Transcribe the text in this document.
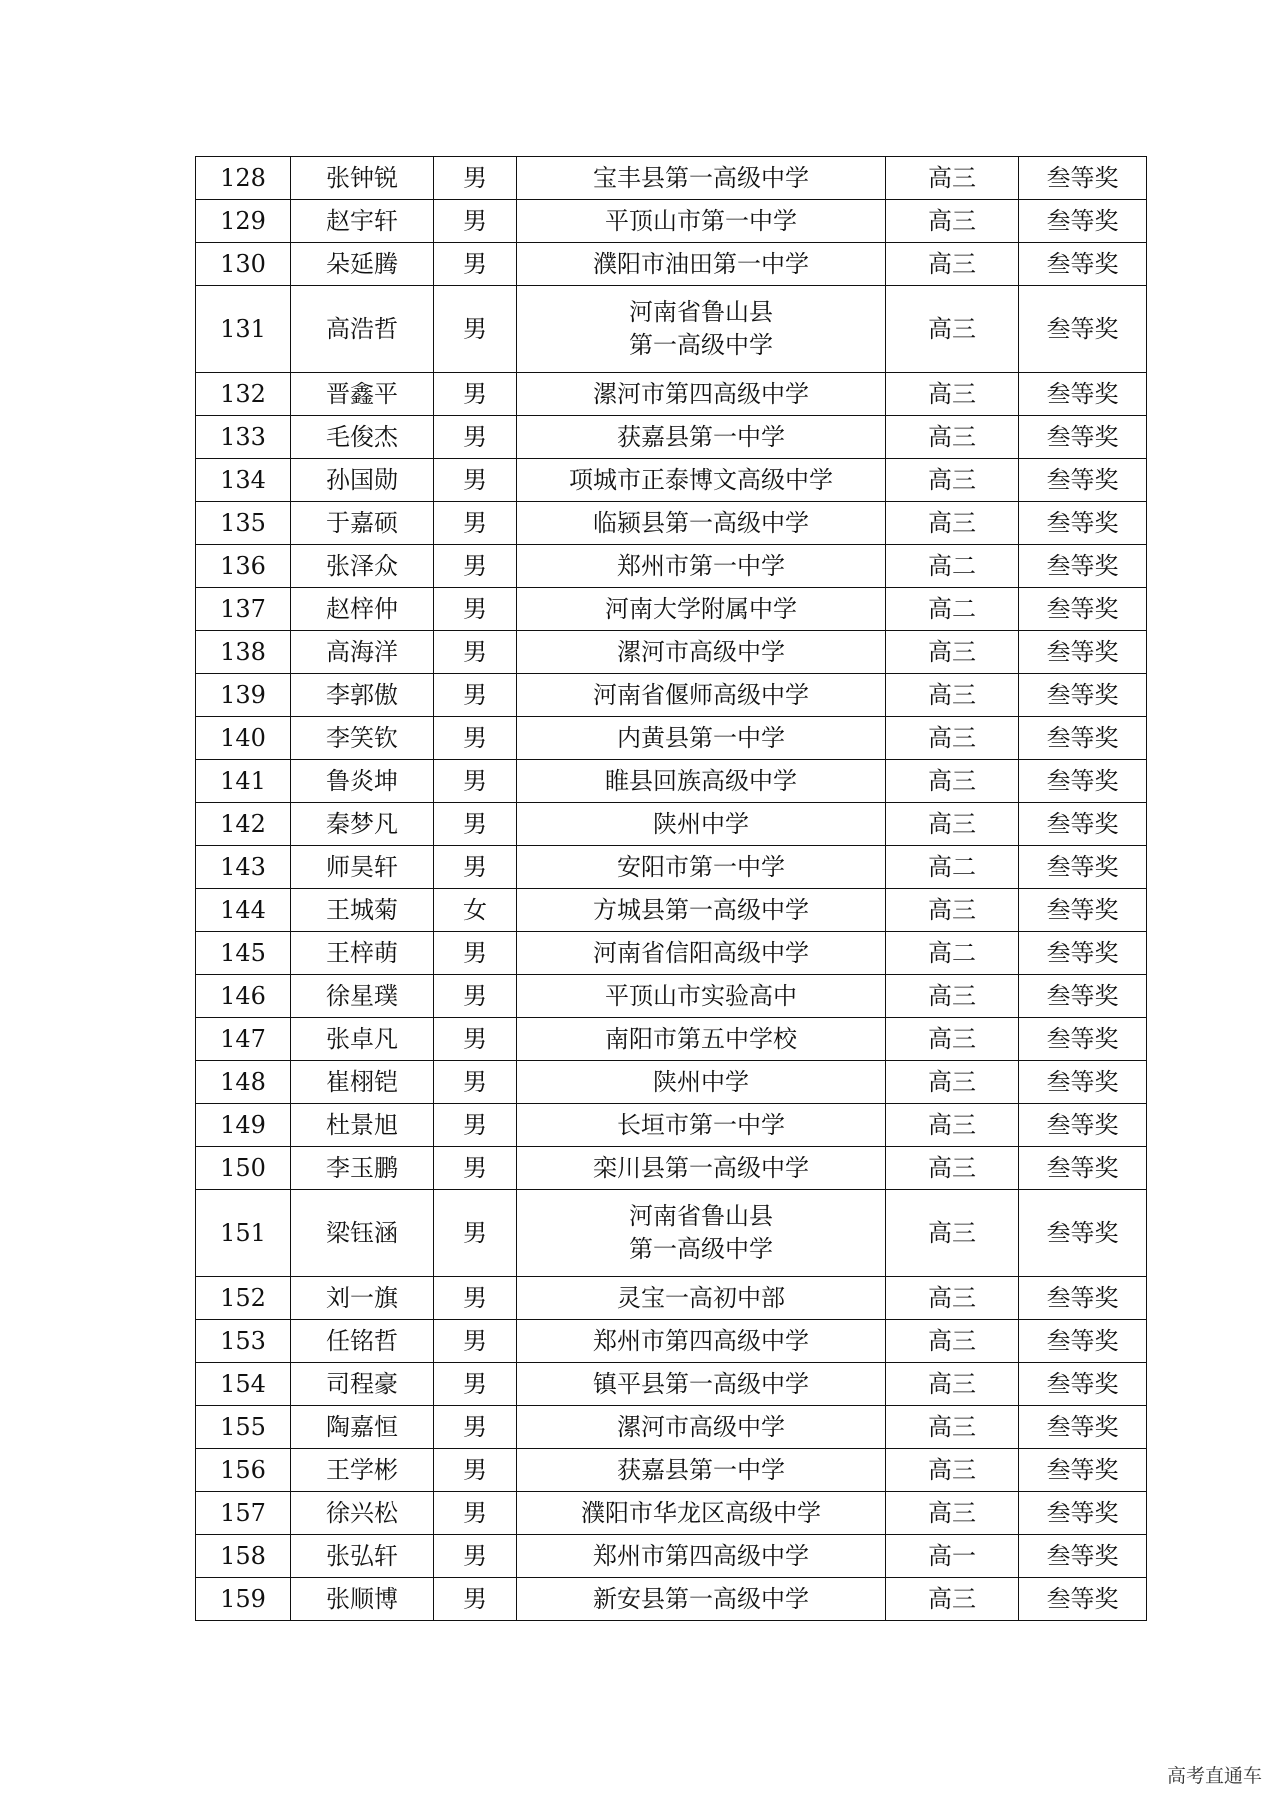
128	张钟锐	男	宝丰县第一高级中学	高三	叁等奖
129	赵宇轩	男	平顶山市第一中学	高三	叁等奖
130	朵延腾	男	濮阳市油田第一中学	高三	叁等奖
131	高浩哲	男	河南省鲁山县
第一高级中学	高三	叁等奖
132	晋鑫平	男	漯河市第四高级中学	高三	叁等奖
133	毛俊杰	男	获嘉县第一中学	高三	叁等奖
134	孙国勋	男	项城市正泰博文高级中学	高三	叁等奖
135	于嘉硕	男	临颍县第一高级中学	高三	叁等奖
136	张泽众	男	郑州市第一中学	高二	叁等奖
137	赵梓仲	男	河南大学附属中学	高二	叁等奖
138	高海洋	男	漯河市高级中学	高三	叁等奖
139	李郭傲	男	河南省偃师高级中学	高三	叁等奖
140	李笑钦	男	内黄县第一中学	高三	叁等奖
141	鲁炎坤	男	睢县回族高级中学	高三	叁等奖
142	秦梦凡	男	陕州中学	高三	叁等奖
143	师昊轩	男	安阳市第一中学	高二	叁等奖
144	王城菊	女	方城县第一高级中学	高三	叁等奖
145	王梓萌	男	河南省信阳高级中学	高二	叁等奖
146	徐星璞	男	平顶山市实验高中	高三	叁等奖
147	张卓凡	男	南阳市第五中学校	高三	叁等奖
148	崔栩铠	男	陕州中学	高三	叁等奖
149	杜景旭	男	长垣市第一中学	高三	叁等奖
150	李玉鹏	男	栾川县第一高级中学	高三	叁等奖
151	梁钰涵	男	河南省鲁山县
第一高级中学	高三	叁等奖
152	刘一旗	男	灵宝一高初中部	高三	叁等奖
153	任铭哲	男	郑州市第四高级中学	高三	叁等奖
154	司程豪	男	镇平县第一高级中学	高三	叁等奖
155	陶嘉恒	男	漯河市高级中学	高三	叁等奖
156	王学彬	男	获嘉县第一中学	高三	叁等奖
157	徐兴松	男	濮阳市华龙区高级中学	高三	叁等奖
158	张弘轩	男	郑州市第四高级中学	高一	叁等奖
159	张顺博	男	新安县第一高级中学	高三	叁等奖
高考直通车
